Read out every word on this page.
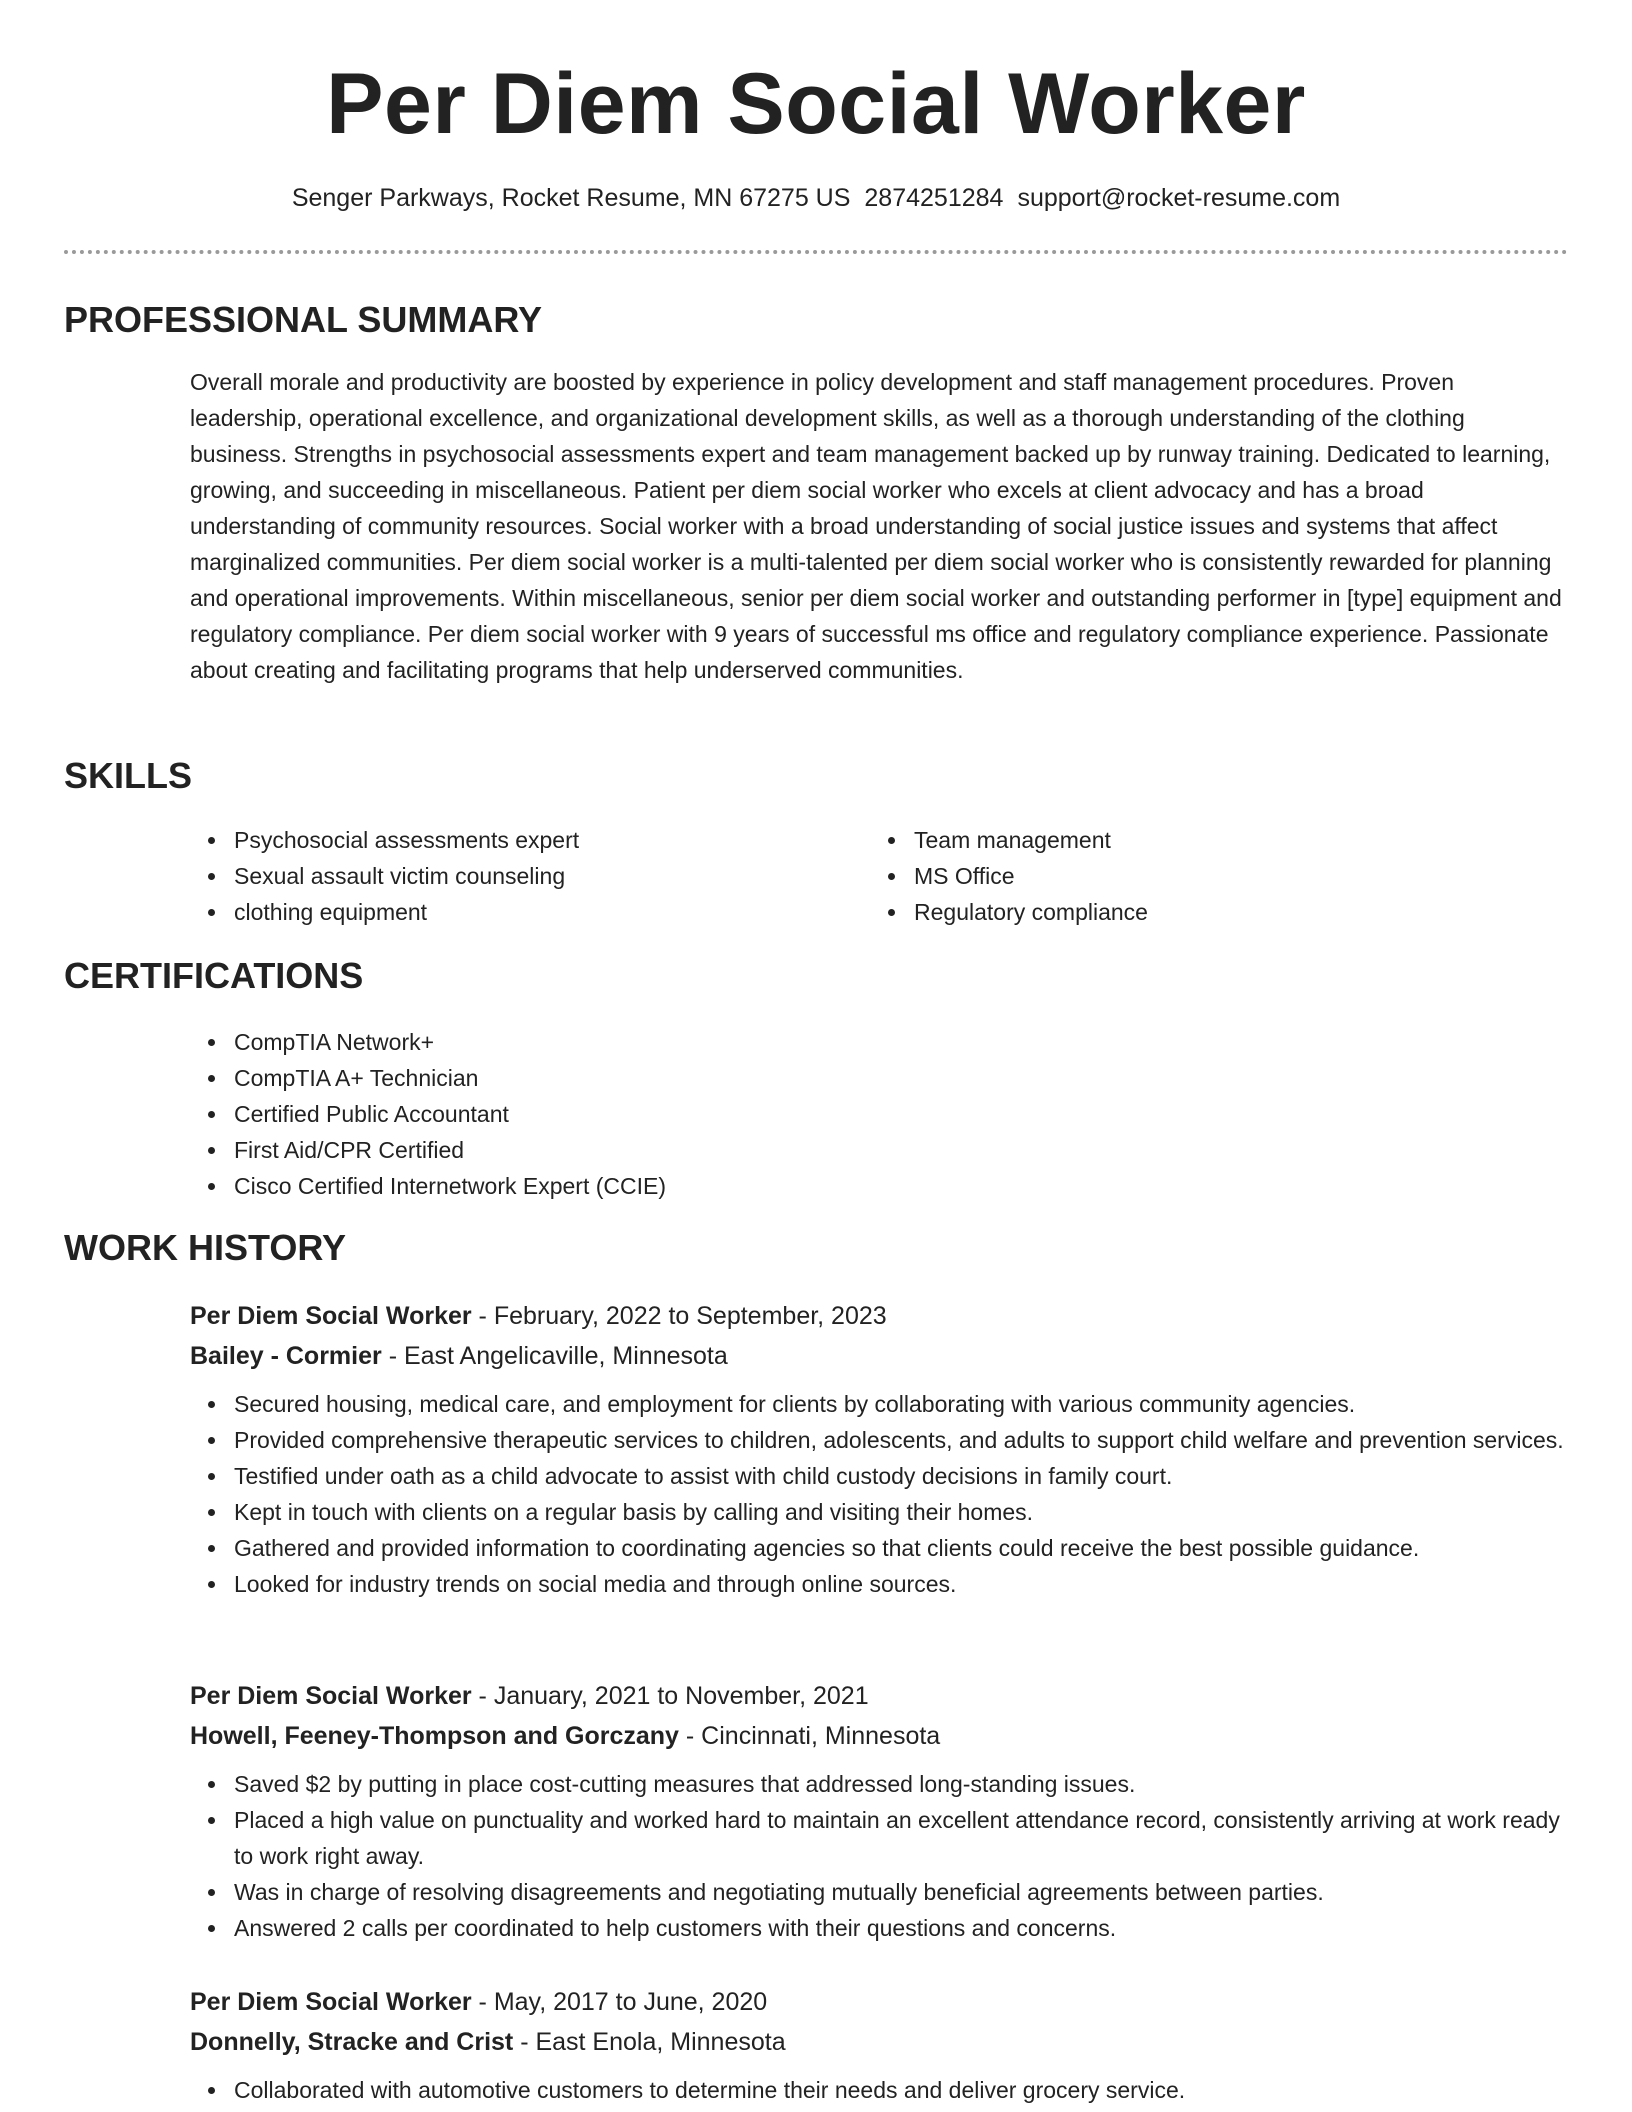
Per Diem Social Worker
Senger Parkways, Rocket Resume, MN 67275 US 2874251284 support@rocket-resume.com
PROFESSIONAL SUMMARY

Overall morale and productivity are boosted by experience in policy development and staff management procedures. Proven leadership, operational excellence, and organizational development skills, as well as a thorough understanding of the clothing business. Strengths in psychosocial assessments expert and team management backed up by runway training. Dedicated to learning, growing, and succeeding in miscellaneous. Patient per diem social worker who excels at client advocacy and has a broad understanding of community resources. Social worker with a broad understanding of social justice issues and systems that affect marginalized communities. Per diem social worker is a multi-talented per diem social worker who is consistently rewarded for planning and operational improvements. Within miscellaneous, senior per diem social worker and outstanding performer in [type] equipment and regulatory compliance. Per diem social worker with 9 years of successful ms office and regulatory compliance experience. Passionate about creating and facilitating programs that help underserved communities.

SKILLS
Psychosocial assessments expert
Sexual assault victim counseling
clothing equipment
Team management
MS Office
Regulatory compliance
CERTIFICATIONS
CompTIA Network+
CompTIA A+ Technician
Certified Public Accountant
First Aid/CPR Certified
Cisco Certified Internetwork Expert (CCIE)
WORK HISTORY
Per Diem Social Worker - February, 2022 to September, 2023
Bailey - Cormier - East Angelicaville, Minnesota
Secured housing, medical care, and employment for clients by collaborating with various community agencies.
Provided comprehensive therapeutic services to children, adolescents, and adults to support child welfare and prevention services.
Testified under oath as a child advocate to assist with child custody decisions in family court.
Kept in touch with clients on a regular basis by calling and visiting their homes.
Gathered and provided information to coordinating agencies so that clients could receive the best possible guidance.
Looked for industry trends on social media and through online sources.
Per Diem Social Worker - January, 2021 to November, 2021
Howell, Feeney-Thompson and Gorczany - Cincinnati, Minnesota
Saved $2 by putting in place cost-cutting measures that addressed long-standing issues.
Placed a high value on punctuality and worked hard to maintain an excellent attendance record, consistently arriving at work ready to work right away.
Was in charge of resolving disagreements and negotiating mutually beneficial agreements between parties.
Answered 2 calls per coordinated to help customers with their questions and concerns.
Per Diem Social Worker - May, 2017 to June, 2020
Donnelly, Stracke and Crist - East Enola, Minnesota
Collaborated with automotive customers to determine their needs and deliver grocery service.
